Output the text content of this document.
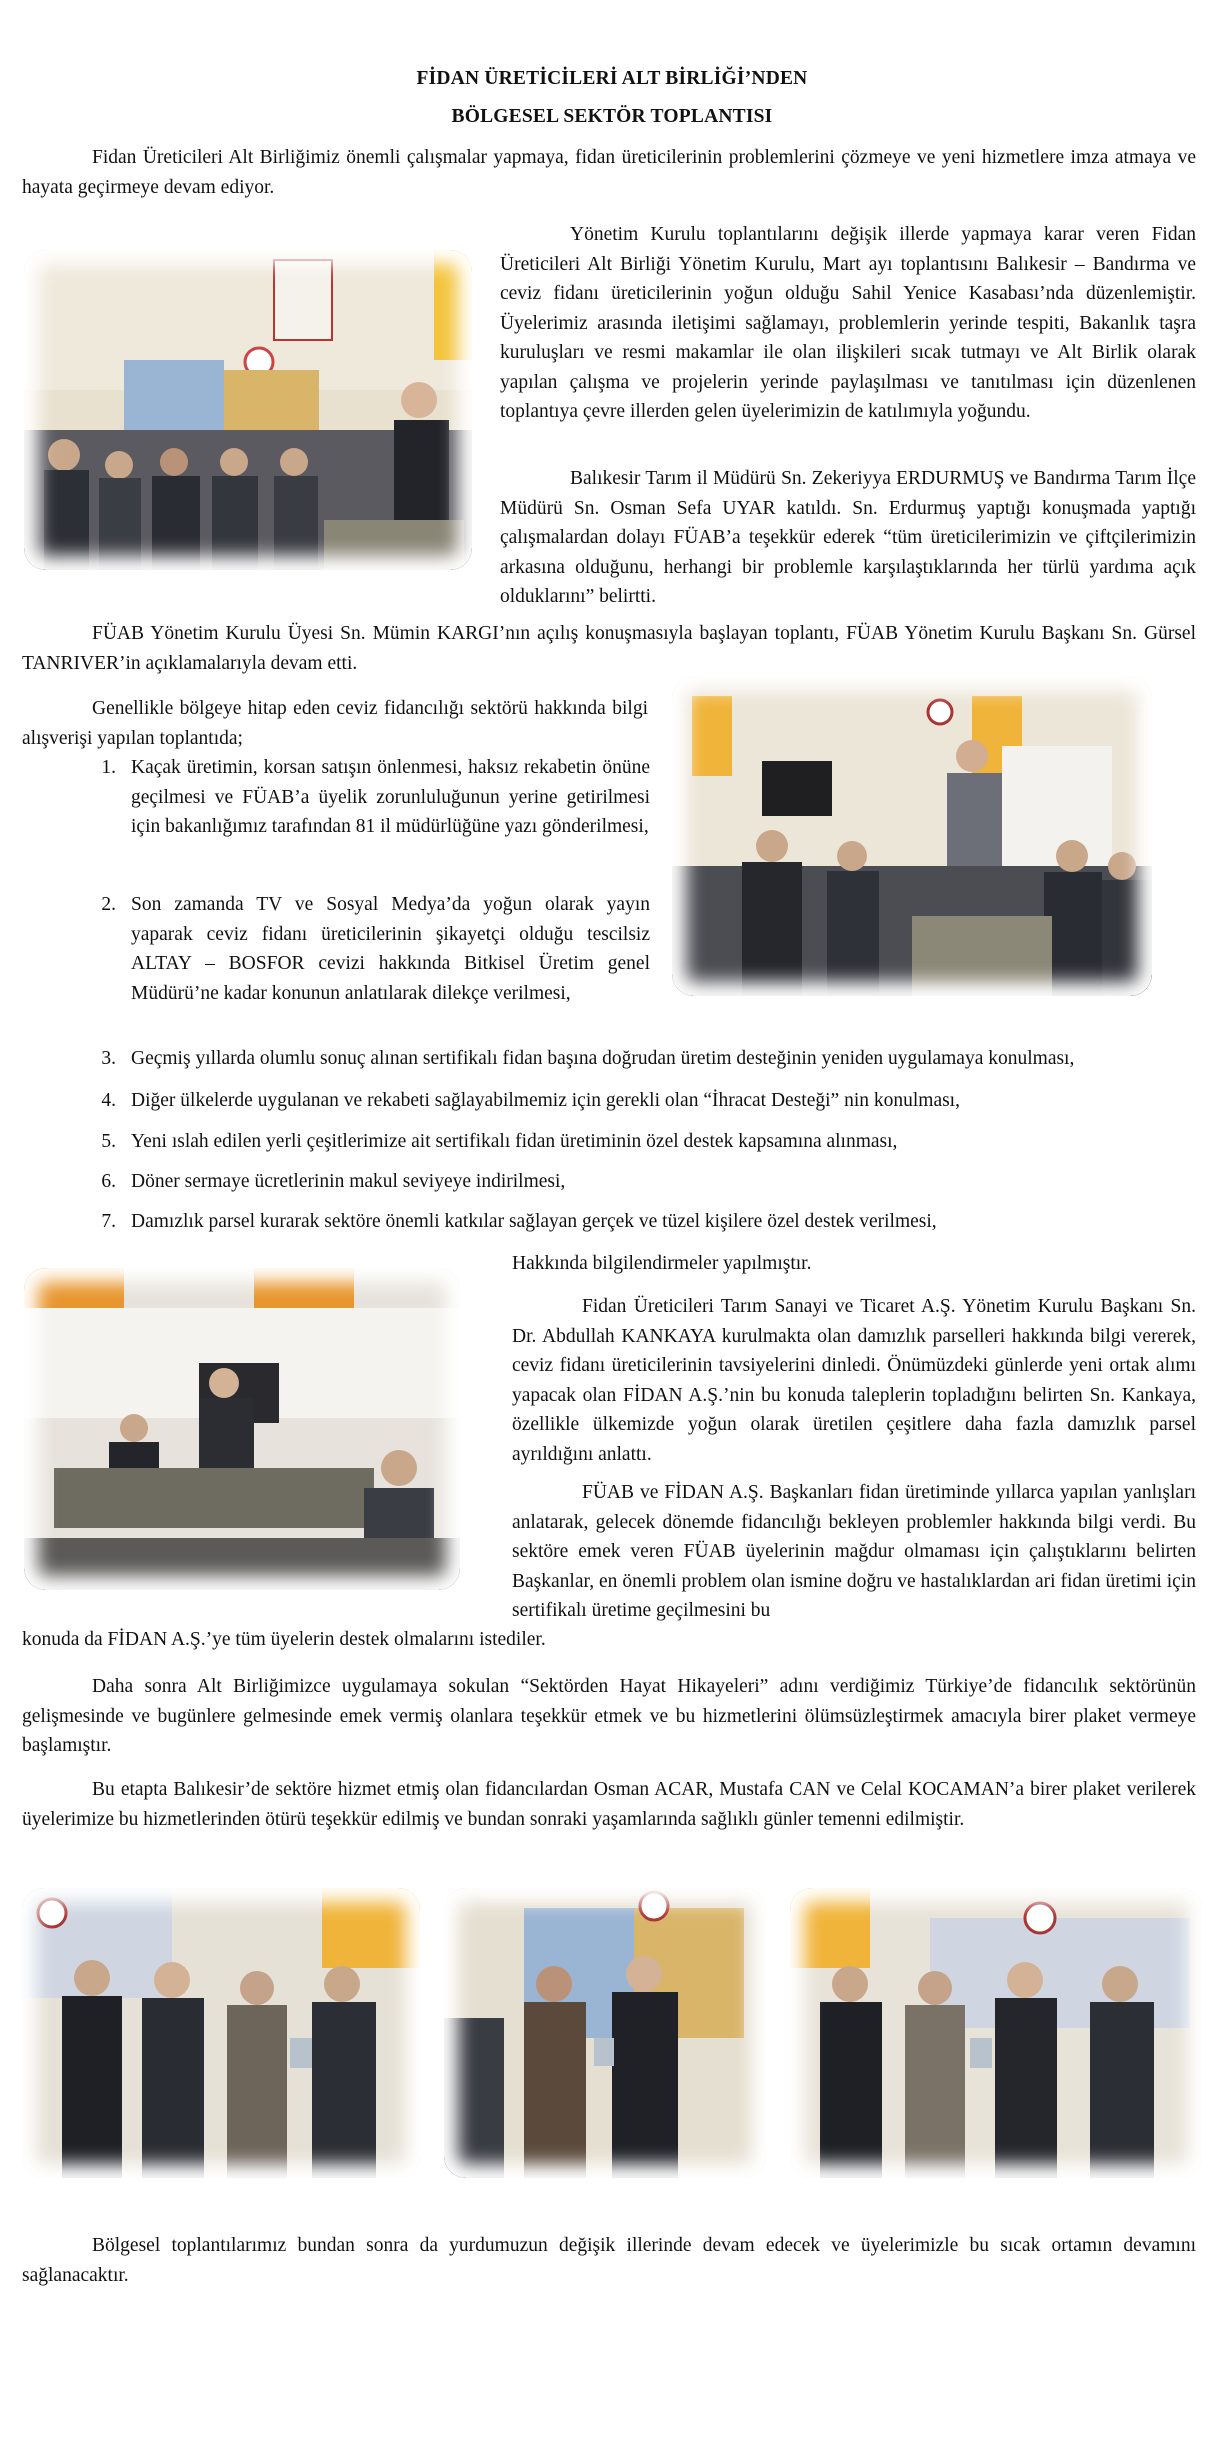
FİDAN ÜRETİCİLERİ ALT BİRLİĞİ’NDEN
BÖLGESEL SEKTÖR TOPLANTISI

Fidan Üreticileri Alt Birliğimiz önemli çalışmalar yapmaya, fidan üreticilerinin problemlerini çözmeye ve yeni hizmetlere imza atmaya ve hayata geçirmeye devam ediyor.

Yönetim Kurulu toplantılarını değişik illerde yapmaya karar veren Fidan Üreticileri Alt Birliği Yönetim Kurulu, Mart ayı toplantısını Balıkesir – Bandırma ve ceviz fidanı üreticilerinin yoğun olduğu Sahil Yenice Kasabası’nda düzenlemiştir. Üyelerimiz arasında iletişimi sağlamayı, problemlerin yerinde tespiti, Bakanlık taşra kuruluşları ve resmi makamlar ile olan ilişkileri sıcak tutmayı ve Alt Birlik olarak yapılan çalışma ve projelerin yerinde paylaşılması ve tanıtılması için düzenlenen toplantıya çevre illerden gelen üyelerimizin de katılımıyla yoğundu.

Balıkesir Tarım il Müdürü Sn. Zekeriyya ERDURMUŞ ve Bandırma Tarım İlçe Müdürü Sn. Osman Sefa UYAR katıldı. Sn. Erdurmuş yaptığı konuşmada yaptığı çalışmalardan dolayı FÜAB’a teşekkür ederek “tüm üreticilerimizin ve çiftçilerimizin arkasına olduğunu, herhangi bir problemle karşılaştıklarında her türlü yardıma açık olduklarını” belirtti.

FÜAB Yönetim Kurulu Üyesi Sn. Mümin KARGI’nın açılış konuşmasıyla başlayan toplantı, FÜAB Yönetim Kurulu Başkanı Sn. Gürsel TANRIVER’in açıklamalarıyla devam etti.

Genellikle bölgeye hitap eden ceviz fidancılığı sektörü hakkında bilgi alışverişi yapılan toplantıda;

1. Kaçak üretimin, korsan satışın önlenmesi, haksız rekabetin önüne geçilmesi ve FÜAB’a üyelik zorunluluğunun yerine getirilmesi için bakanlığımız tarafından 81 il müdürlüğüne yazı gönderilmesi,
2. Son zamanda TV ve Sosyal Medya’da yoğun olarak yayın yaparak ceviz fidanı üreticilerinin şikayetçi olduğu tescilsiz ALTAY – BOSFOR cevizi hakkında Bitkisel Üretim genel Müdürü’ne kadar konunun anlatılarak dilekçe verilmesi,
3. Geçmiş yıllarda olumlu sonuç alınan sertifikalı fidan başına doğrudan üretim desteğinin yeniden uygulamaya konulması,
4. Diğer ülkelerde uygulanan ve rekabeti sağlayabilmemiz için gerekli olan “İhracat Desteği” nin konulması,
5. Yeni ıslah edilen yerli çeşitlerimize ait sertifikalı fidan üretiminin özel destek kapsamına alınması,
6. Döner sermaye ücretlerinin makul seviyeye indirilmesi,
7. Damızlık parsel kurarak sektöre önemli katkılar sağlayan gerçek ve tüzel kişilere özel destek verilmesi,

Hakkında bilgilendirmeler yapılmıştır.

Fidan Üreticileri Tarım Sanayi ve Ticaret A.Ş. Yönetim Kurulu Başkanı Sn. Dr. Abdullah KANKAYA kurulmakta olan damızlık parselleri hakkında bilgi vererek, ceviz fidanı üreticilerinin tavsiyelerini dinledi. Önümüzdeki günlerde yeni ortak alımı yapacak olan FİDAN A.Ş.’nin bu konuda taleplerin topladığını belirten Sn. Kankaya, özellikle ülkemizde yoğun olarak üretilen çeşitlere daha fazla damızlık parsel ayrıldığını anlattı.

FÜAB ve FİDAN A.Ş. Başkanları fidan üretiminde yıllarca yapılan yanlışları anlatarak, gelecek dönemde fidancılığı bekleyen problemler hakkında bilgi verdi. Bu sektöre emek veren FÜAB üyelerinin mağdur olmaması için çalıştıklarını belirten Başkanlar, en önemli problem olan ismine doğru ve hastalıklardan ari fidan üretimi için sertifikalı üretime geçilmesini bu

konuda da FİDAN A.Ş.’ye tüm üyelerin destek olmalarını istediler.

Daha sonra Alt Birliğimizce uygulamaya sokulan “Sektörden Hayat Hikayeleri” adını verdiğimiz Türkiye’de fidancılık sektörünün gelişmesinde ve bugünlere gelmesinde emek vermiş olanlara teşekkür etmek ve bu hizmetlerini ölümsüzleştirmek amacıyla birer plaket vermeye başlamıştır.

Bu etapta Balıkesir’de sektöre hizmet etmiş olan fidancılardan Osman ACAR, Mustafa CAN ve Celal KOCAMAN’a birer plaket verilerek üyelerimize bu hizmetlerinden ötürü teşekkür edilmiş ve bundan sonraki yaşamlarında sağlıklı günler temenni edilmiştir.

Bölgesel toplantılarımız bundan sonra da yurdumuzun değişik illerinde devam edecek ve üyelerimizle bu sıcak ortamın devamını sağlanacaktır.
